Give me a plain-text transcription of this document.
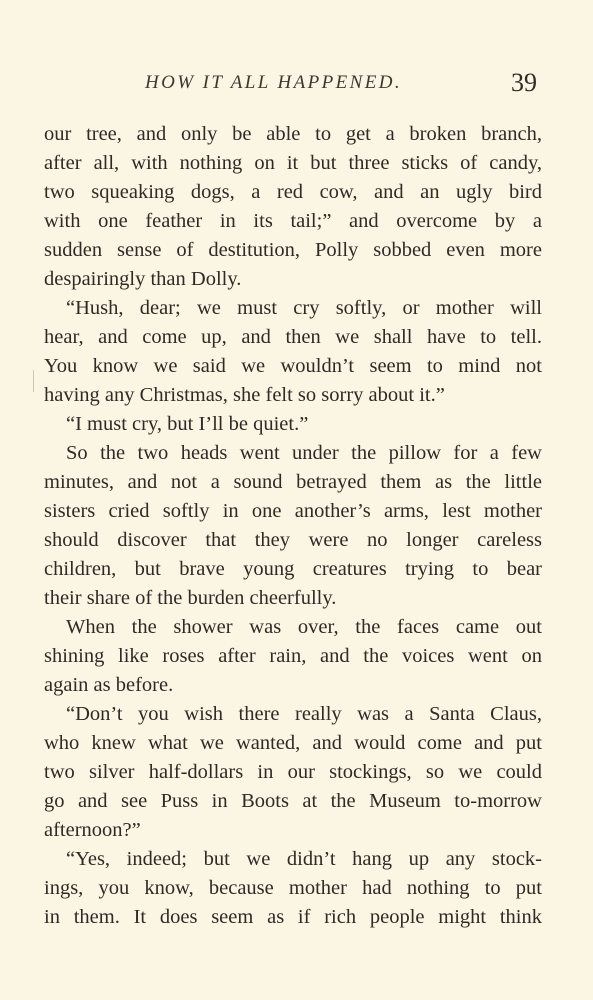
HOW IT ALL HAPPENED.	39
our tree, and only be able to get a broken branch,
after all, with nothing on it but three sticks of candy,
two squeaking dogs, a red cow, and an ugly bird
with one feather in its tail;” and overcome by a
sudden sense of destitution, Polly sobbed even more
despairingly than Dolly.
“Hush, dear; we must cry softly, or mother will
hear, and come up, and then we shall have to tell.
You know we said we wouldn’t seem to mind not
having any Christmas, she felt so sorry about it.”
“I must cry, but I’ll be quiet.”
So the two heads went under the pillow for a few
minutes, and not a sound betrayed them as the little
sisters cried softly in one another’s arms, lest mother
should discover that they were no longer careless
children, but brave young creatures trying to bear
their share of the burden cheerfully.
When the shower was over, the faces came out
shining like roses after rain, and the voices went on
again as before.
“Don’t you wish there really was a Santa Claus,
who knew what we wanted, and would come and put
two silver half-dollars in our stockings, so we could
go and see Puss in Boots at the Museum to-morrow
afternoon?”
“Yes, indeed; but we didn’t hang up any stock-
ings, you know, because mother had nothing to put
in them. It does seem as if rich people might think
